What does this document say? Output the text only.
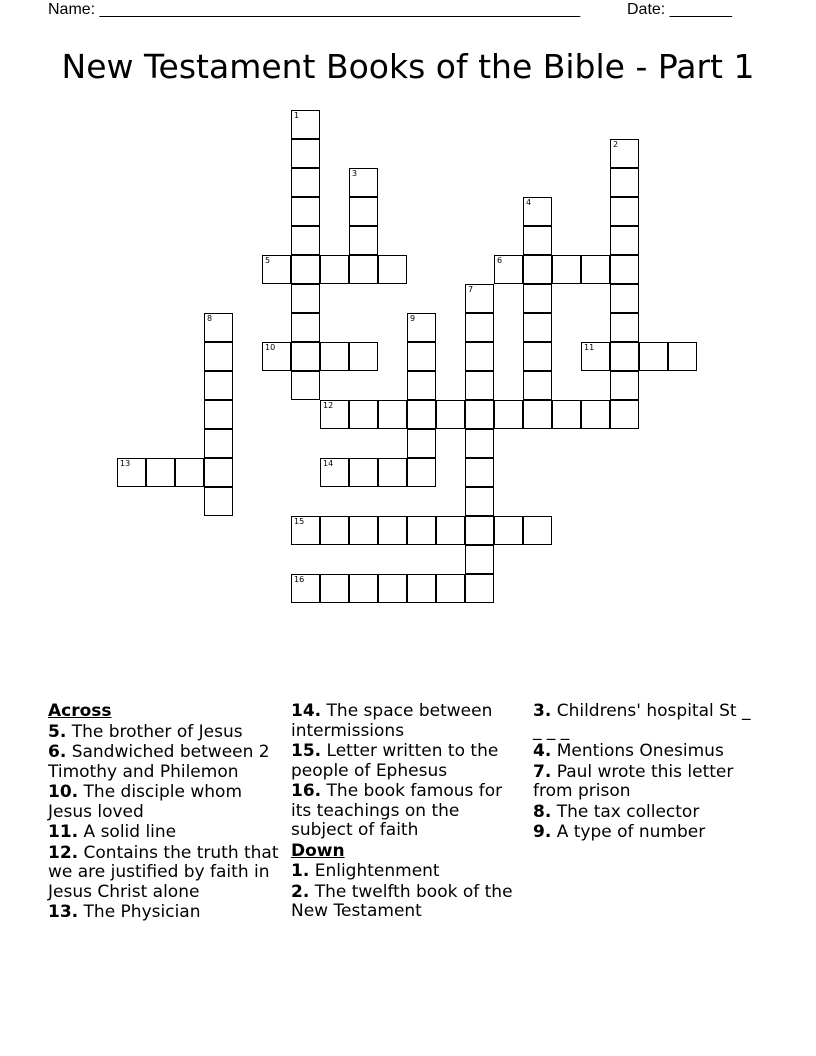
Name: ______________________________________________________	Date: _______
New Testament Books of the Bible - Part 1
1
2
3
4
5	6
7
8	9
10	11
12
13	14
15
16
Across
5. The brother of Jesus
6. Sandwiched between 2 Timothy and Philemon
10. The disciple whom Jesus loved
11. A solid line
12. Contains the truth that we are justified by faith in Jesus Christ alone
13. The Physician
14. The space between intermissions
15. Letter written to the people of Ephesus
16. The book famous for its teachings on the subject of faith
Down
1. Enlightenment
2. The twelfth book of the New Testament
3. Childrens' hospital St _ _ _ _
4. Mentions Onesimus
7. Paul wrote this letter from prison
8. The tax collector
9. A type of number
